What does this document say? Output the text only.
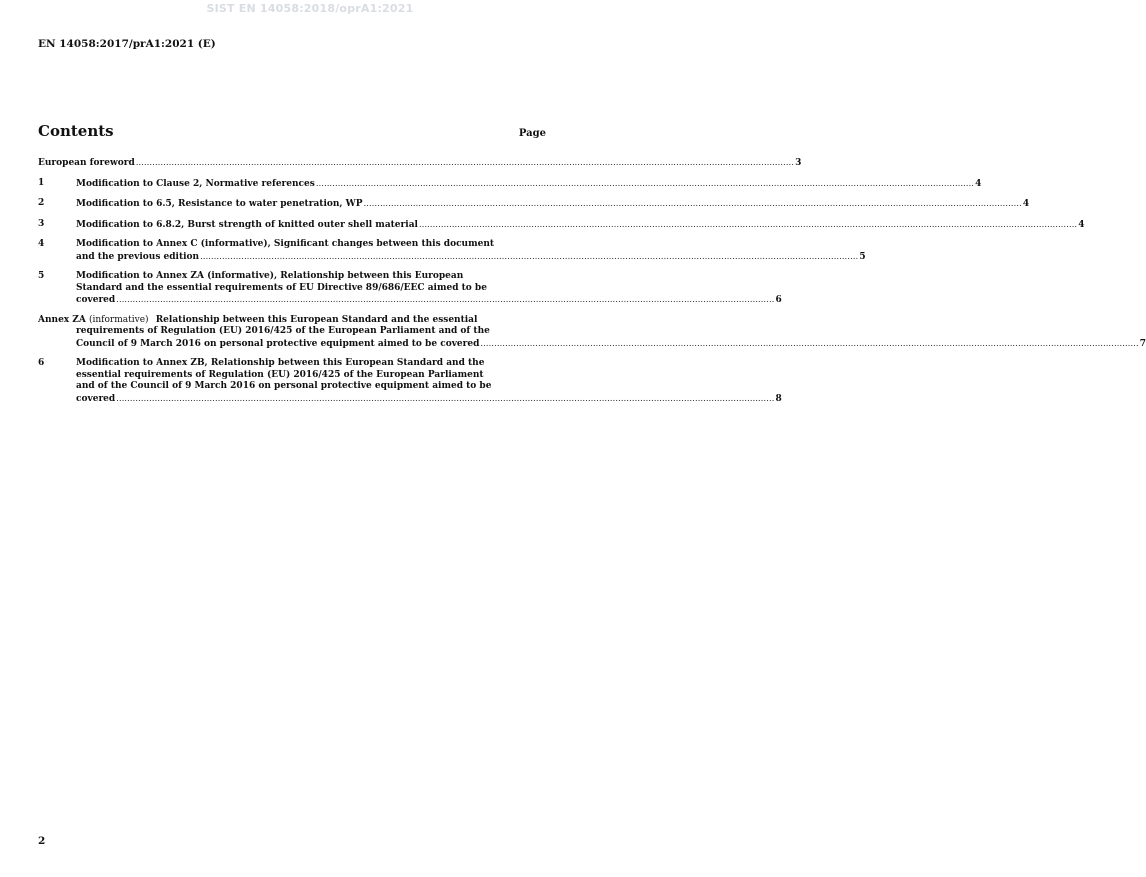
SIST EN 14058:2018/oprA1:2021
EN 14058:2017/prA1:2021 (E)
Contents	Page
European foreword .....	3
1	Modification to Clause 2, Normative references .....	4
2	Modification to 6.5, Resistance to water penetration, WP .....	4
3	Modification to 6.8.2, Burst strength of knitted outer shell material .....	4
4	Modification to Annex C (informative), Significant changes between this document
and the previous edition .....	5
5	Modification to Annex ZA (informative), Relationship between this European
Standard and the essential requirements of EU Directive 89/686/EEC aimed to be
covered .....	6
Annex ZA (informative) Relationship between this European Standard and the essential
requirements of Regulation (EU) 2016/425 of the European Parliament and of the
Council of 9 March 2016 on personal protective equipment aimed to be covered .....	7
6	Modification to Annex ZB, Relationship between this European Standard and the
essential requirements of Regulation (EU) 2016/425 of the European Parliament
and of the Council of 9 March 2016 on personal protective equipment aimed to be
covered .....	8
2
